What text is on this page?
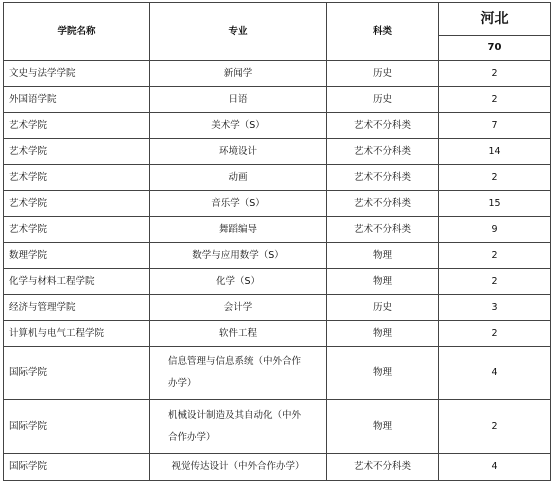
学院名称	专业	科类	河北
			70
文史与法学学院	新闻学	历史	2
外国语学院	日语	历史	2
艺术学院	美术学（S）	艺术不分科类	7
艺术学院	环境设计	艺术不分科类	14
艺术学院	动画	艺术不分科类	2
艺术学院	音乐学（S）	艺术不分科类	15
艺术学院	舞蹈编导	艺术不分科类	9
数理学院	数学与应用数学（S）	物理	2
化学与材料工程学院	化学（S）	物理	2
经济与管理学院	会计学	历史	3
计算机与电气工程学院	软件工程	物理	2
国际学院	信息管理与信息系统（中外合作办学）	物理	4
国际学院	机械设计制造及其自动化（中外合作办学）	物理	2
国际学院	视觉传达设计（中外合作办学）	艺术不分科类	4
